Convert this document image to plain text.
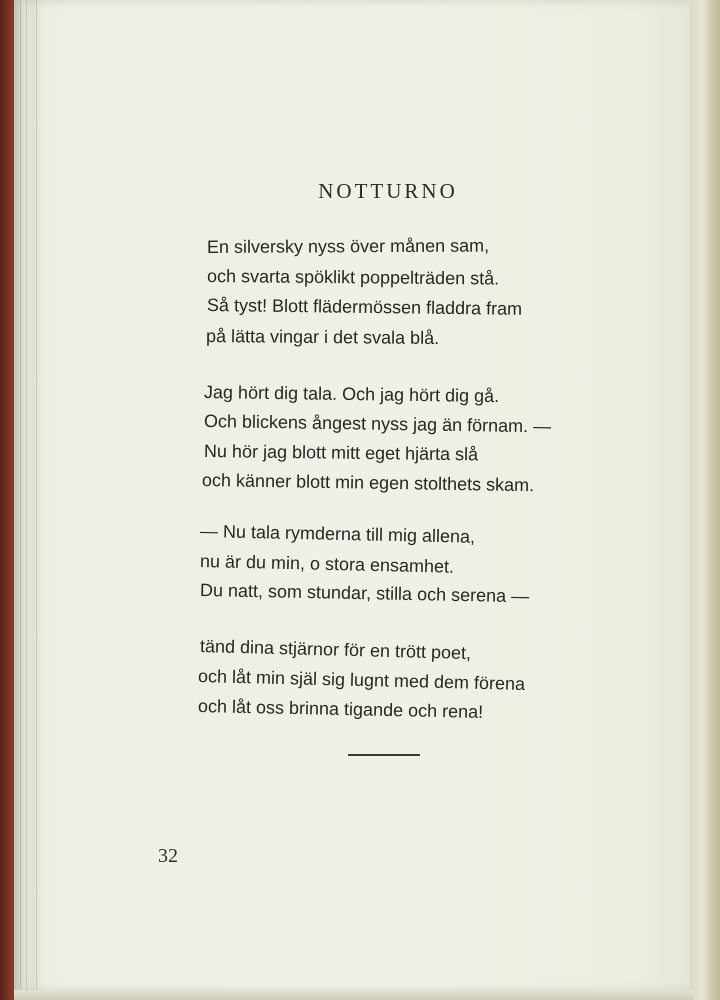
NOTTURNO
En silversky nyss över månen sam,
och svarta spöklikt poppelträden stå.
Så tyst! Blott flädermössen fladdra fram
på lätta vingar i det svala blå.
Jag hört dig tala. Och jag hört dig gå.
Och blickens ångest nyss jag än förnam. —
Nu hör jag blott mitt eget hjärta slå
och känner blott min egen stolthets skam.
— Nu tala rymderna till mig allena,
nu är du min, o stora ensamhet.
Du natt, som stundar, stilla och serena —
tänd dina stjärnor för en trött poet,
och låt min själ sig lugnt med dem förena
och låt oss brinna tigande och rena!
32
